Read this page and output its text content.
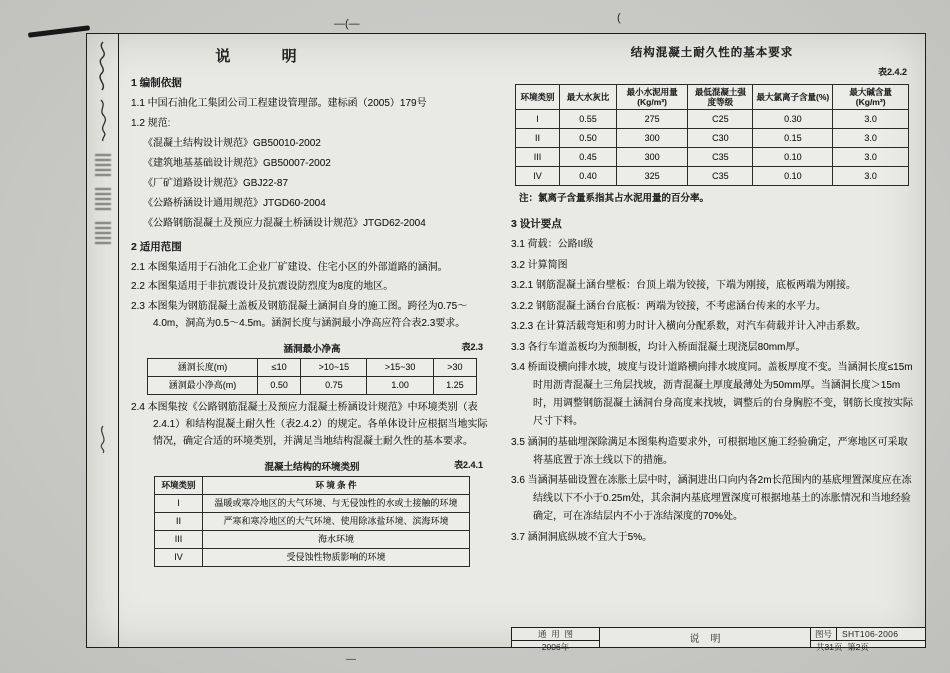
—(—	(
说        明
1 编制依据

1.1 中国石油化工集团公司工程建设管理部。建标函（2005）179号

1.2 规范:

《混凝土结构设计规范》GB50010-2002

《建筑地基基础设计规范》GB50007-2002

《厂矿道路设计规范》GBJ22-87

《公路桥涵设计通用规范》JTGD60-2004

《公路钢筋混凝土及预应力混凝土桥涵设计规范》JTGD62-2004

2 适用范围

2.1 本图集适用于石油化工企业厂矿建设、住宅小区的外部道路的涵洞。

2.2 本图集适用于非抗震设计及抗震设防烈度为8度的地区。

2.3 本图集为钢筋混凝土盖板及钢筋混凝土涵洞自身的施工图。跨径为0.75～4.0m，洞高为0.5～4.5m。涵洞长度与涵洞最小净高应符合表2.3要求。

涵洞最小净高	表2.3
涵洞长度(m)	≤10	>10~15	>15~30	>30
涵洞最小净高(m)	0.50	0.75	1.00	1.25

2.4 本图集按《公路钢筋混凝土及预应力混凝土桥涵设计规范》中环境类别（表2.4.1）和结构混凝土耐久性（表2.4.2）的规定。各单体设计应根据当地实际情况，确定合适的环境类别，并满足当地结构混凝土耐久性的基本要求。

混凝土结构的环境类别	表2.4.1
环境类别	环 境 条 件
I	温暖或寒冷地区的大气环境、与无侵蚀性的水或土接触的环境
II	严寒和寒冷地区的大气环境、使用除冰盐环境、滨海环境
III	海水环境
IV	受侵蚀性物质影响的环境
结构混凝土耐久性的基本要求
表2.4.2
环境类别	最大水灰比	最小水泥用量(Kg/m³)	最低混凝土强度等级	最大氯离子含量(%)	最大碱含量(Kg/m³)
I	0.55	275	C25	0.30	3.0
II	0.50	300	C30	0.15	3.0
III	0.45	300	C35	0.10	3.0
IV	0.40	325	C35	0.10	3.0

注：氯离子含量系指其占水泥用量的百分率。

3 设计要点

3.1 荷载：公路II级

3.2 计算简图

3.2.1 钢筋混凝土涵台壁板：台顶上端为铰接，下端为刚接，底板两端为刚接。

3.2.2 钢筋混凝土涵台台底板：两端为铰接，不考虑涵台传来的水平力。

3.2.3 在计算活载弯矩和剪力时计入横向分配系数，对汽车荷载并计入冲击系数。

3.3 各行车道盖板均为预制板，均计入桥面混凝土现浇层80mm厚。

3.4 桥面设横向排水坡，坡度与设计道路横向排水坡度同。盖板厚度不变。当涵洞长度≤15m时用沥青混凝土三角层找坡，沥青混凝土厚度最薄处为50mm厚。当涵洞长度＞15m时，用调整钢筋混凝土涵洞台身高度来找坡，调整后的台身胸腔不变，钢筋长度按实际尺寸下料。

3.5 涵洞的基础埋深除满足本图集构造要求外，可根据地区施工经验确定，严寒地区可采取将基底置于冻土线以下的措施。

3.6 当涵洞基础设置在冻胀土层中时，涵洞进出口向内各2m长范围内的基底埋置深度应在冻结线以下不小于0.25m处，其余洞内基底埋置深度可根据地基土的冻胀情况和当地经验确定，可在冻结层内不小于冻结深度的70%处。

3.7 涵洞洞底纵坡不宜大于5%。

通  用  图
2006年
说    明	图号	SHT106-2006
共31页  第2页
—
